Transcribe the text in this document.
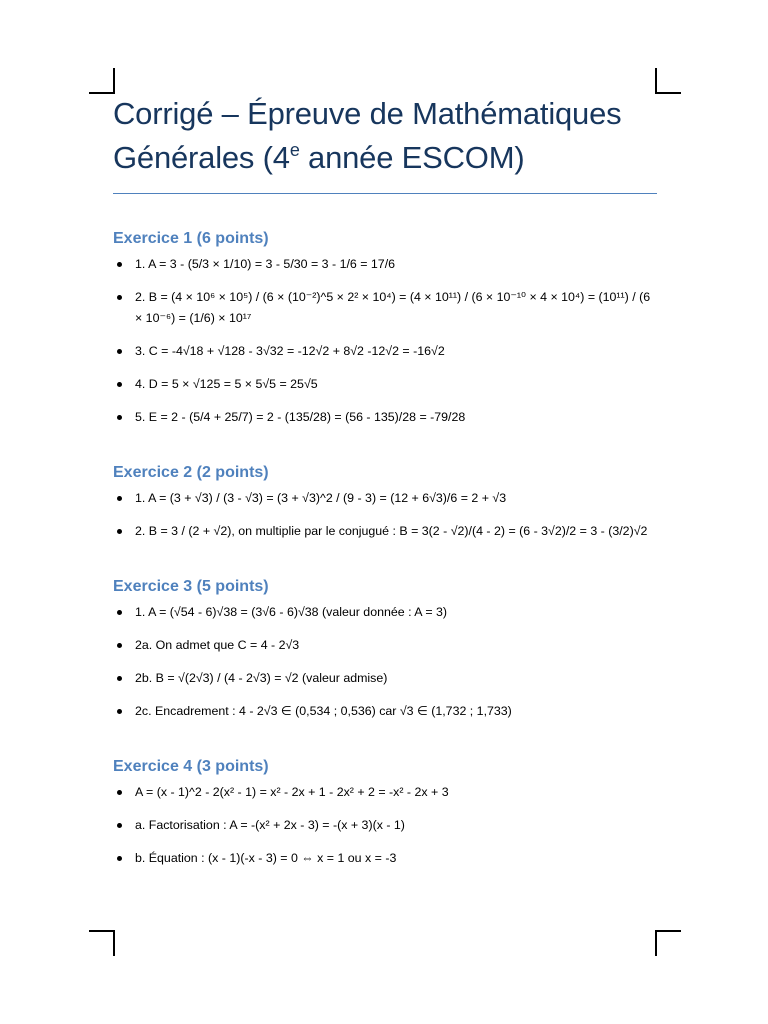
Corrigé – Épreuve de Mathématiques Générales (4e année ESCOM)
Exercice 1 (6 points)
1. A = 3 - (5/3 × 1/10) = 3 - 5/30 = 3 - 1/6 = 17/6
2. B = (4 × 10⁶ × 10⁵) / (6 × (10⁻²)^5 × 2² × 10⁴) = (4 × 10¹¹) / (6 × 10⁻¹⁰ × 4 × 10⁴) = (10¹¹) / (6 × 10⁻⁶) = (1/6) × 10¹⁷
3. C = -4√18 + √128 - 3√32 = -12√2 + 8√2 -12√2 = -16√2
4. D = 5 × √125 = 5 × 5√5 = 25√5
5. E = 2 - (5/4 + 25/7) = 2 - (135/28) = (56 - 135)/28 = -79/28
Exercice 2 (2 points)
1. A = (3 + √3) / (3 - √3) = (3 + √3)^2 / (9 - 3) = (12 + 6√3)/6 = 2 + √3
2. B = 3 / (2 + √2), on multiplie par le conjugué : B = 3(2 - √2)/(4 - 2) = (6 - 3√2)/2 = 3 - (3/2)√2
Exercice 3 (5 points)
1. A = (√54 - 6)√38 = (3√6 - 6)√38 (valeur donnée : A = 3)
2a. On admet que C = 4 - 2√3
2b. B = √(2√3) / (4 - 2√3) = √2 (valeur admise)
2c. Encadrement : 4 - 2√3 ∈ (0,534 ; 0,536) car √3 ∈ (1,732 ; 1,733)
Exercice 4 (3 points)
A = (x - 1)^2 - 2(x² - 1) = x² - 2x + 1 - 2x² + 2 = -x² - 2x + 3
a. Factorisation : A = -(x² + 2x - 3) = -(x + 3)(x - 1)
b. Équation : (x - 1)(-x - 3) = 0 ⇔ x = 1 ou x = -3
